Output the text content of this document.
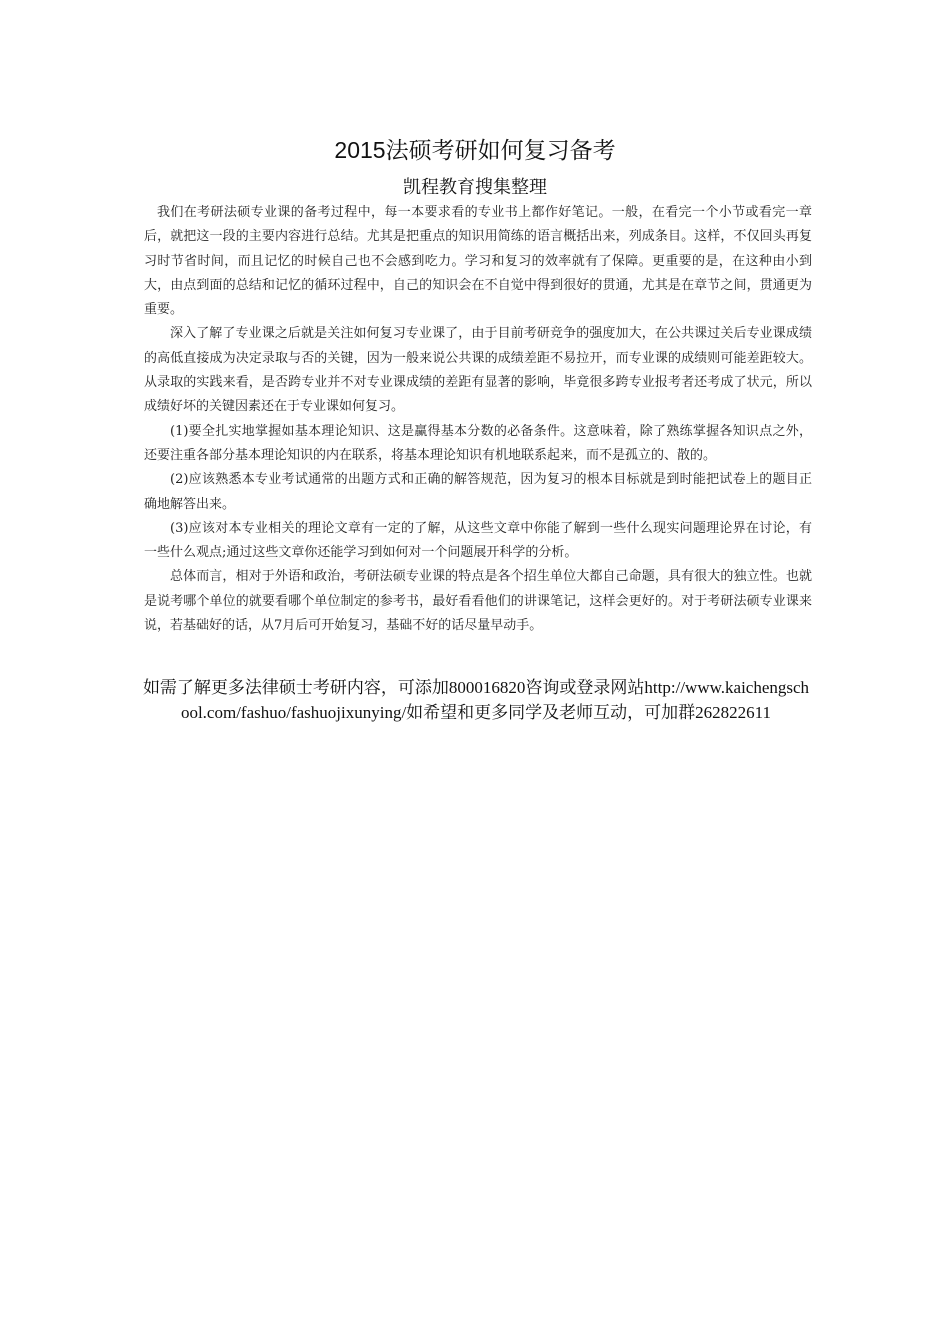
2015法硕考研如何复习备考
凯程教育搜集整理

我们在考研法硕专业课的备考过程中，每一本要求看的专业书上都作好笔记。一般，在看完一个小节或看完一章后，就把这一段的主要内容进行总结。尤其是把重点的知识用简练的语言概括出来，列成条目。这样，不仅回头再复习时节省时间，而且记忆的时候自己也不会感到吃力。学习和复习的效率就有了保障。更重要的是，在这种由小到大，由点到面的总结和记忆的循环过程中，自己的知识会在不自觉中得到很好的贯通，尤其是在章节之间，贯通更为重要。

深入了解了专业课之后就是关注如何复习专业课了，由于目前考研竞争的强度加大，在公共课过关后专业课成绩的高低直接成为决定录取与否的关键，因为一般来说公共课的成绩差距不易拉开，而专业课的成绩则可能差距较大。从录取的实践来看，是否跨专业并不对专业课成绩的差距有显著的影响，毕竟很多跨专业报考者还考成了状元，所以成绩好坏的关键因素还在于专业课如何复习。

(1)要全扎实地掌握如基本理论知识、这是赢得基本分数的必备条件。这意味着，除了熟练掌握各知识点之外，还要注重各部分基本理论知识的内在联系，将基本理论知识有机地联系起来，而不是孤立的、散的。

(2)应该熟悉本专业考试通常的出题方式和正确的解答规范，因为复习的根本目标就是到时能把试卷上的题目正确地解答出来。

(3)应该对本专业相关的理论文章有一定的了解，从这些文章中你能了解到一些什么现实问题理论界在讨论，有一些什么观点;通过这些文章你还能学习到如何对一个问题展开科学的分析。

总体而言，相对于外语和政治，考研法硕专业课的特点是各个招生单位大都自己命题，具有很大的独立性。也就是说考哪个单位的就要看哪个单位制定的参考书，最好看看他们的讲课笔记，这样会更好的。对于考研法硕专业课来说，若基础好的话，从7月后可开始复习，基础不好的话尽量早动手。

如需了解更多法律硕士考研内容，可添加800016820咨询或登录网站http://www.kaichengschool.com/fashuo/fashuojixunying/如希望和更多同学及老师互动，可加群262822611
